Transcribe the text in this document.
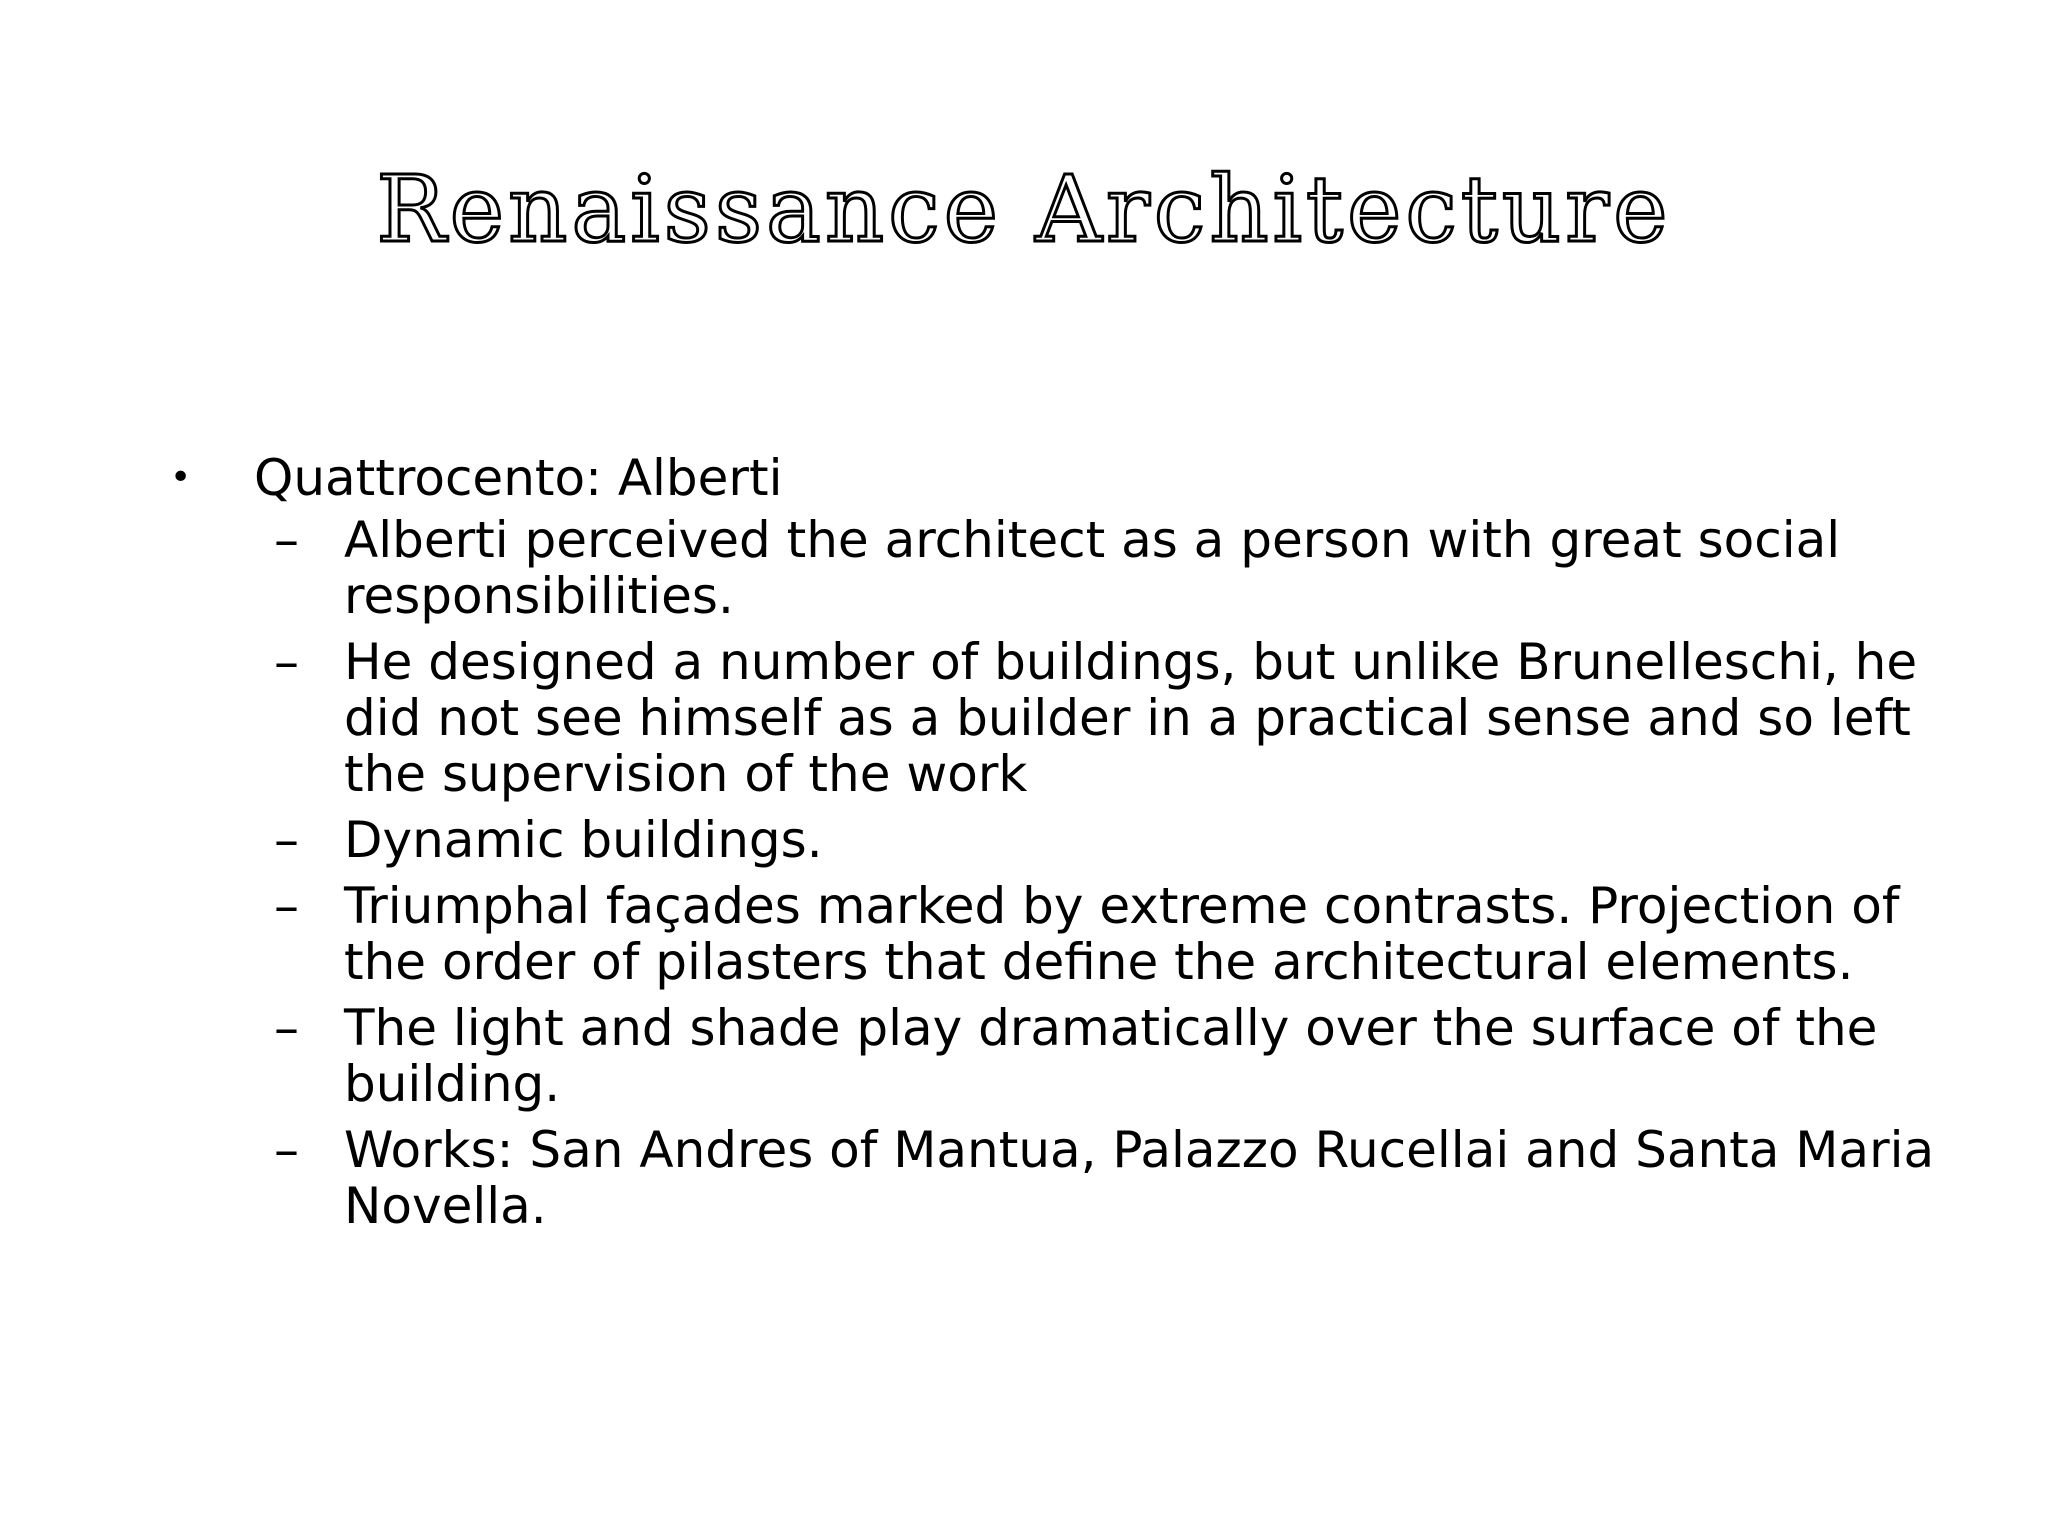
Renaissance Architecture
•	Quattrocento: Alberti
– Alberti perceived the architect as a person with great social responsibilities.
– He designed a number of buildings, but unlike Brunelleschi, he did not see himself as a builder in a practical sense and so left the supervision of the work
– Dynamic buildings.
– Triumphal façades marked by extreme contrasts. Projection of the order of pilasters that define the architectural elements.
– The light and shade play dramatically over the surface of the building.
– Works: San Andres of Mantua, Palazzo Rucellai and Santa Maria Novella.
